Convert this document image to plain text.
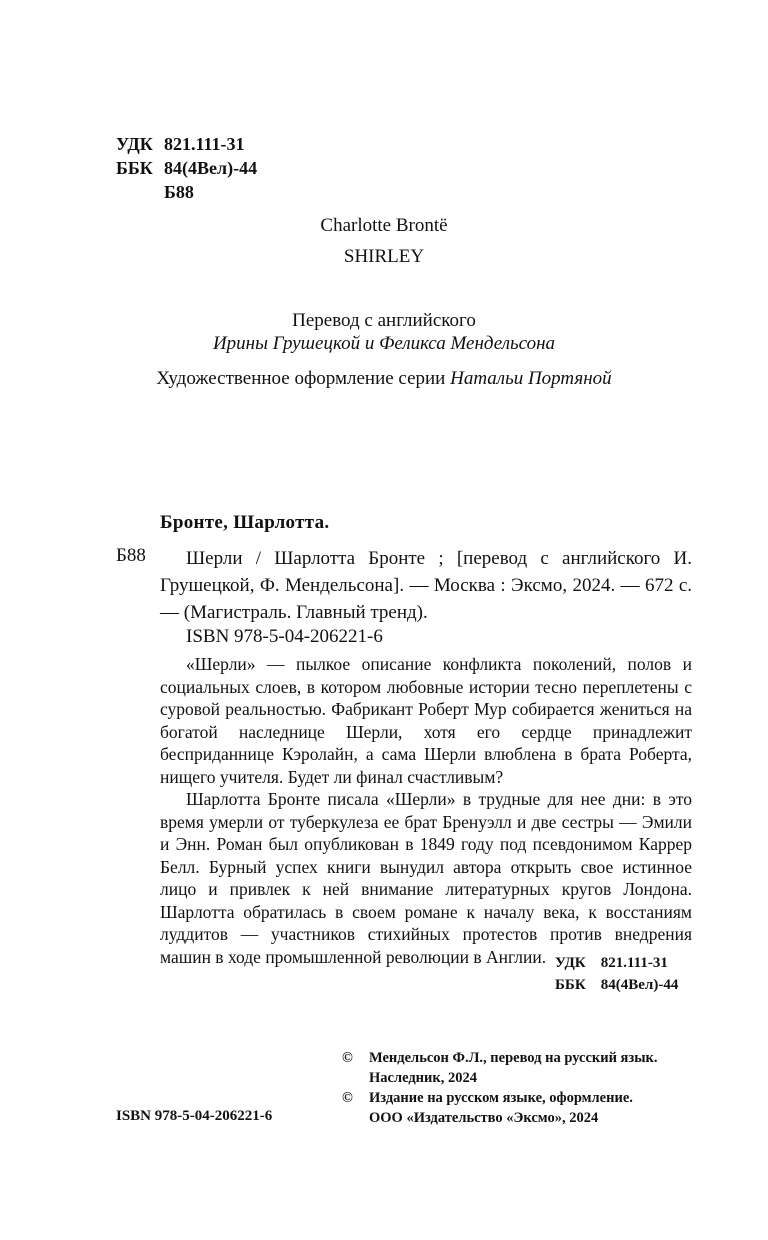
УДК 821.111-31
ББК 84(4Вел)-44
Б88
Charlotte Brontë
SHIRLEY
Перевод с английского
Ирины Грушецкой и Феликса Мендельсона
Художественное оформление серии Натальи Портяной
Бронте, Шарлотта.
Б88	Шерли / Шарлотта Бронте ; [перевод с английского И. Грушецкой, Ф. Мендельсона]. — Москва : Эксмо, 2024. — 672 с. — (Магистраль. Главный тренд).
ISBN 978-5-04-206221-6

«Шерли» — пылкое описание конфликта поколений, полов и социальных слоев, в котором любовные истории тесно переплетены с суровой реальностью. Фабрикант Роберт Мур собирается жениться на богатой наследнице Шерли, хотя его сердце принадлежит бесприданнице Кэролайн, а сама Шерли влюблена в брата Роберта, нищего учителя. Будет ли финал счастливым?

Шарлотта Бронте писала «Шерли» в трудные для нее дни: в это время умерли от туберкулеза ее брат Бренуэлл и две сестры — Эмили и Энн. Роман был опубликован в 1849 году под псевдонимом Каррер Белл. Бурный успех книги вынудил автора открыть свое истинное лицо и привлек к ней внимание литературных кругов Лондона. Шарлотта обратилась в своем романе к началу века, к восстаниям луддитов — участников стихийных протестов против внедрения машин в ходе промышленной революции в Англии. УДК 821.111-31
ББК 84(4Вел)-44
©	Мендельсон Ф.Л., перевод на русский язык.
Наследник, 2024
©	Издание на русском языке, оформление.
ООО «Издательство «Эксмо», 2024
ISBN 978-5-04-206221-6
